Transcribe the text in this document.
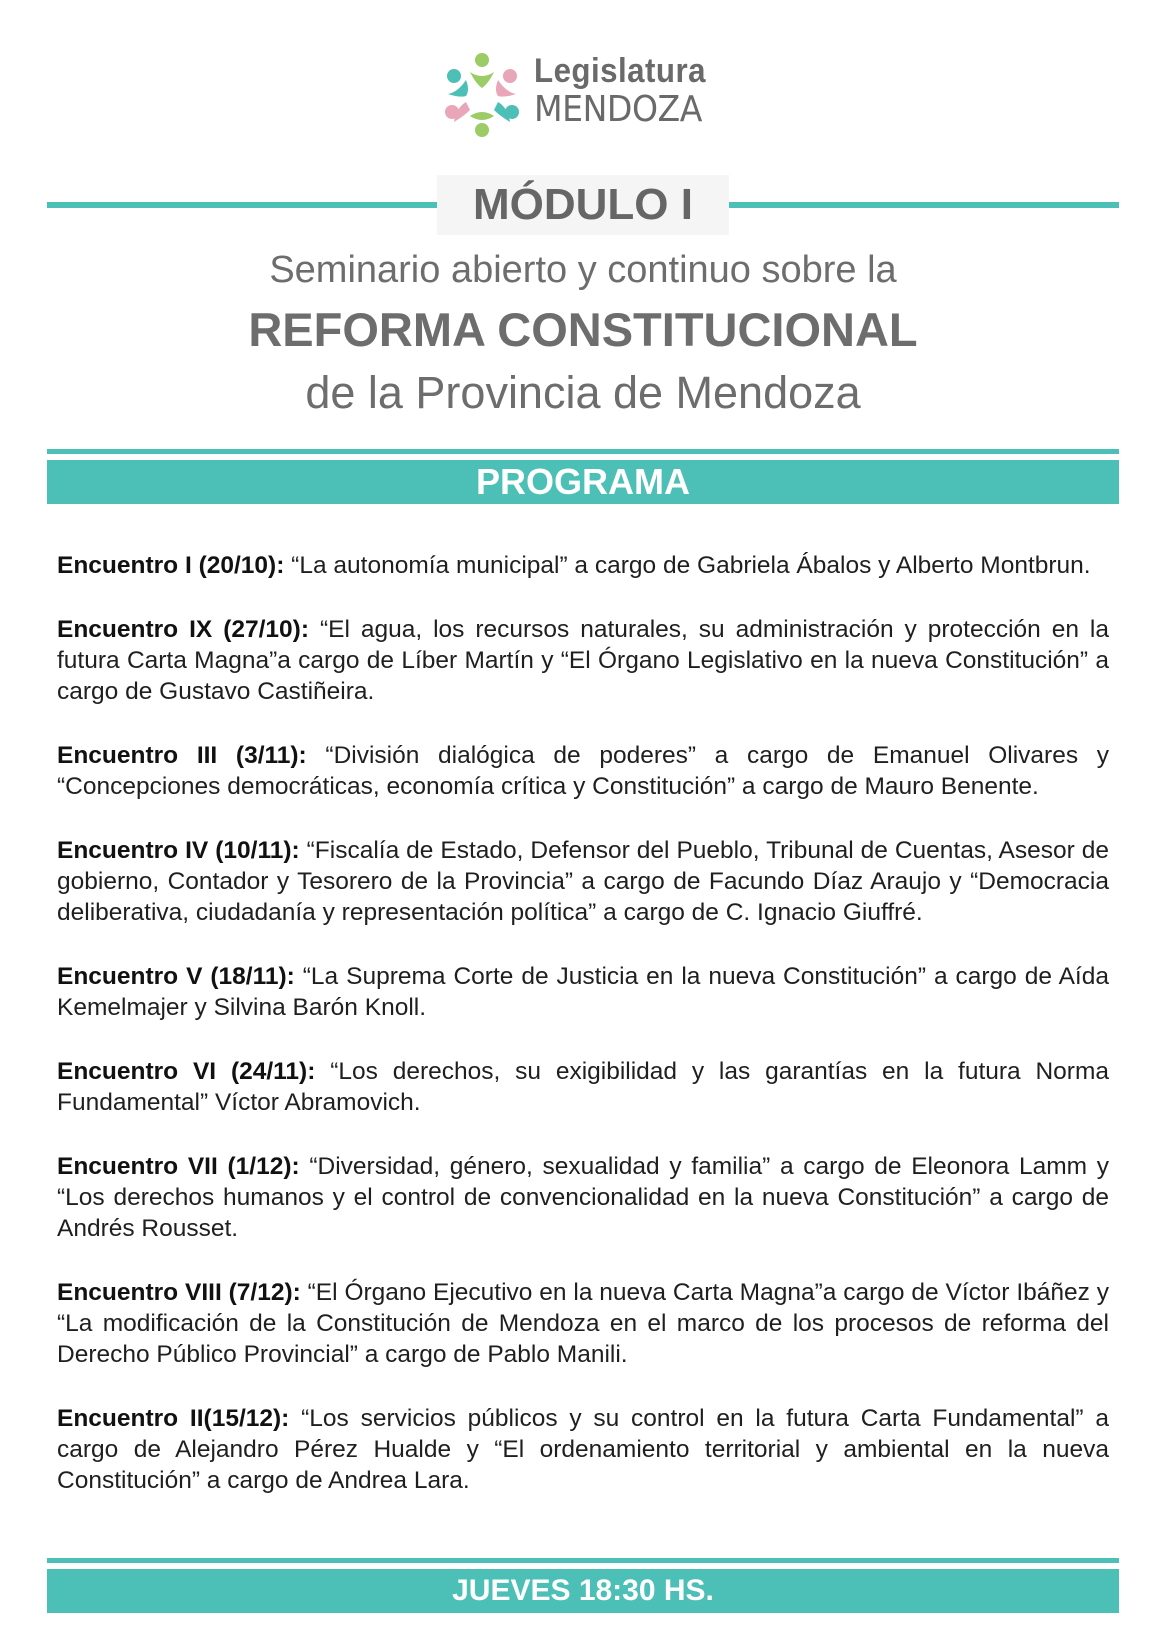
Legislatura
MENDOZA
MÓDULO I
Seminario abierto y continuo sobre la
REFORMA CONSTITUCIONAL
de la Provincia de Mendoza
PROGRAMA
Encuentro I (20/10): “La autonomía municipal” a cargo de Gabriela Ábalos y Alberto Montbrun.
Encuentro IX (27/10): “El agua, los recursos naturales, su administración y protección en la futura Carta Magna”a cargo de Líber Martín y “El Órgano Legislativo en la nueva Constitución” a cargo de Gustavo Castiñeira.
Encuentro III (3/11): “División dialógica de poderes” a cargo de Emanuel Olivares y “Concepciones democráticas, economía crítica y Constitución” a cargo de Mauro Benente.
Encuentro IV (10/11): “Fiscalía de Estado, Defensor del Pueblo, Tribunal de Cuentas, Asesor de gobierno, Contador y Tesorero de la Provincia” a cargo de Facundo Díaz Araujo y “Democracia deliberativa, ciudadanía y representación política” a cargo de C. Ignacio Giuffré.
Encuentro V (18/11): “La Suprema Corte de Justicia en la nueva Constitución” a cargo de Aída Kemelmajer y Silvina Barón Knoll.
Encuentro VI (24/11): “Los derechos, su exigibilidad y las garantías en la futura Norma Fundamental” Víctor Abramovich.
Encuentro VII (1/12): “Diversidad, género, sexualidad y familia” a cargo de Eleonora Lamm y “Los derechos humanos y el control de convencionalidad en la nueva Constitución” a cargo de Andrés Rousset.
Encuentro VIII (7/12): “El Órgano Ejecutivo en la nueva Carta Magna”a cargo de Víctor Ibáñez y “La modificación de la Constitución de Mendoza en el marco de los procesos de reforma del Derecho Público Provincial” a cargo de Pablo Manili.
Encuentro II(15/12): “Los servicios públicos y su control en la futura Carta Fundamental” a cargo de Alejandro Pérez Hualde y “El ordenamiento territorial y ambiental en la nueva Constitución” a cargo de Andrea Lara.
JUEVES 18:30 HS.
